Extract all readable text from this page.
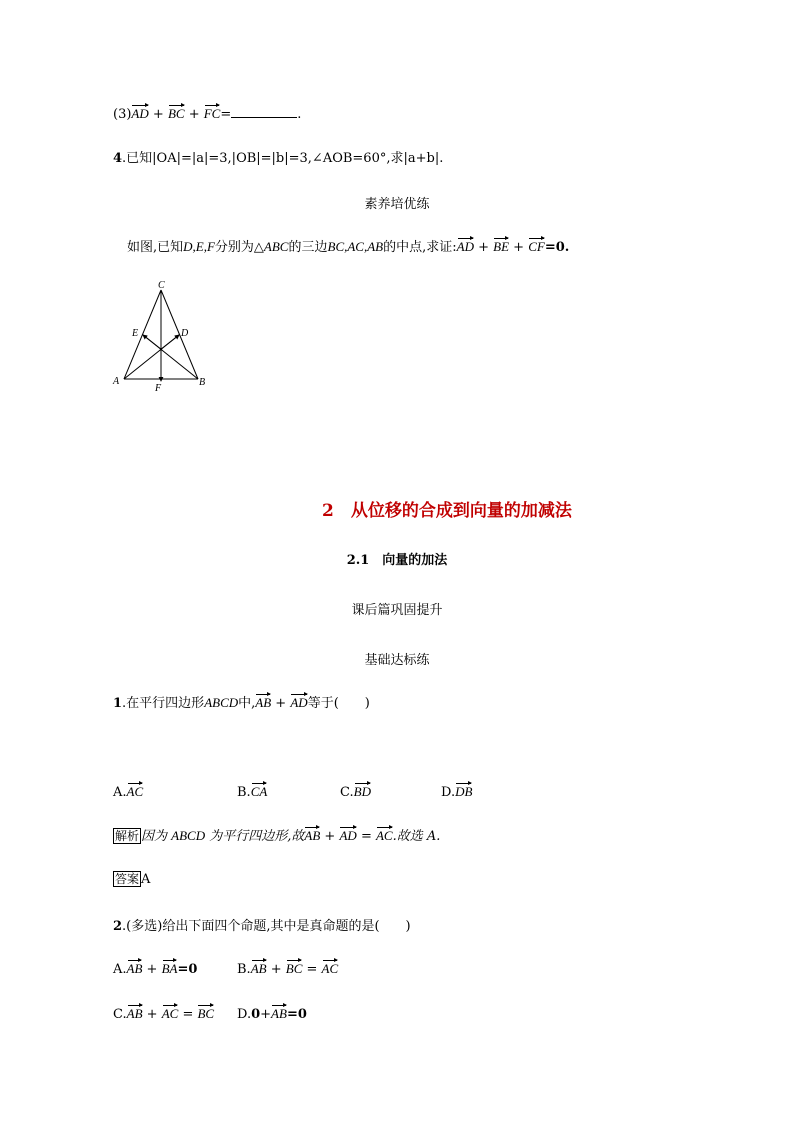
(3)AD + BC + FC=	.
4.已知|OA|=|a|=3,|OB|=|b|=3,∠AOB=60°,求|a+b|.
素养培优练
如图,已知D,E,F分别为△ABC的三边BC,AC,AB的中点,求证:AD + BE + CF=0.
C
E	D
A	B
F
2　从位移的合成到向量的加减法
2.1　向量的加法
课后篇巩固提升
基础达标练
1.在平行四边形ABCD中,AB + AD等于(　　)
A.AC	B.CA	C.BD	D.DB
解析 因为 ABCD 为平行四边形,故AB + AD = AC.故选 A.
答案 A
2.(多选)给出下面四个命题,其中是真命题的是(　　)
A.AB + BA=0	B.AB + BC = AC
C.AB + AC = BC D.0+AB=0
